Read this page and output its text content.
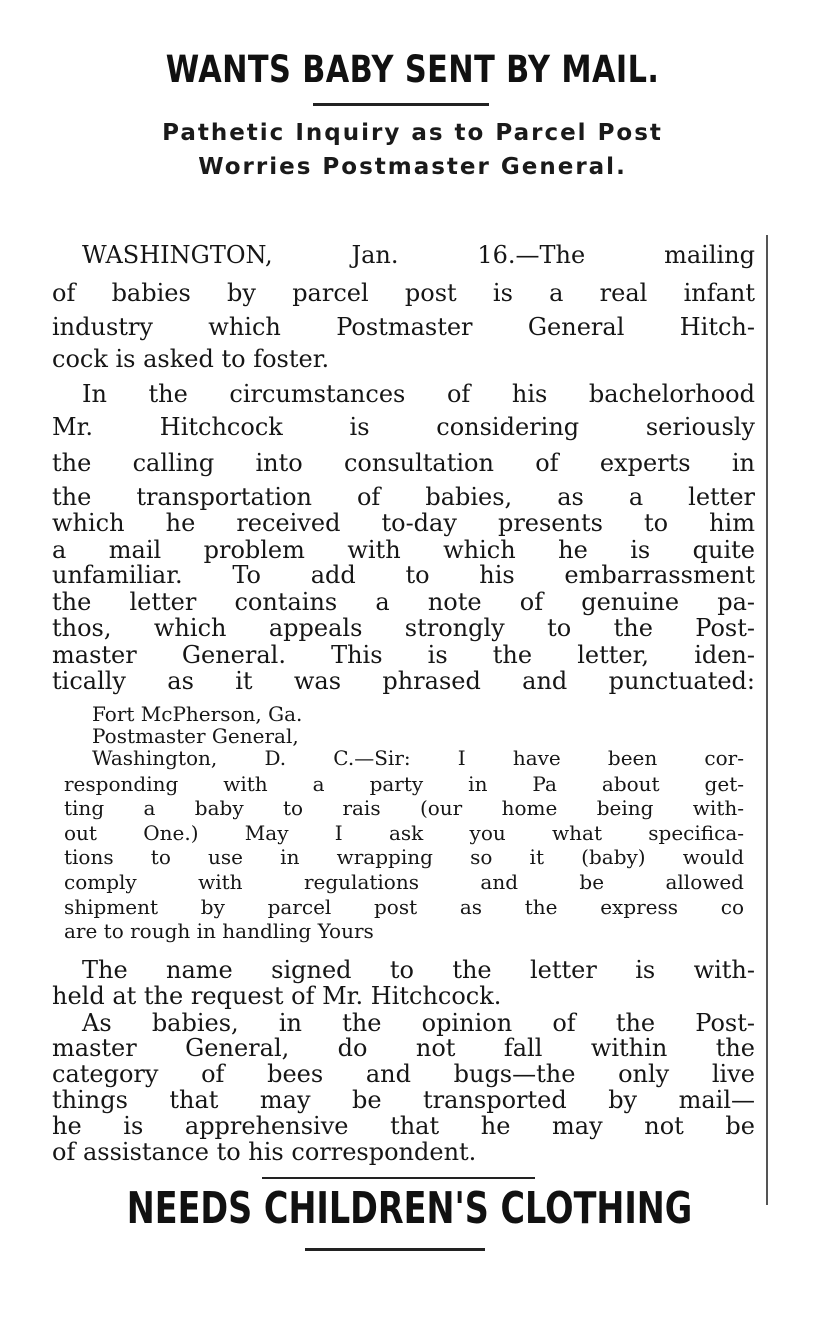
WANTS BABY SENT BY MAIL.
Pathetic Inquiry as to Parcel Post
Worries Postmaster General.
WASHINGTON, Jan. 16.—The mailing
of babies by parcel post is a real infant
industry which Postmaster General Hitch-
cock is asked to foster.
In the circumstances of his bachelorhood
Mr. Hitchcock is considering seriously
the calling into consultation of experts in
the transportation of babies, as a letter
which he received to-day presents to him
a mail problem with which he is quite
unfamiliar. To add to his embarrassment
the letter contains a note of genuine pa-
thos, which appeals strongly to the Post-
master General. This is the letter, iden-
tically as it was phrased and punctuated:
Fort McPherson, Ga.
Postmaster General,
Washington, D. C.—Sir: I have been cor-
responding with a party in Pa about get-
ting a baby to rais (our home being with-
out One.) May I ask you what specifica-
tions to use in wrapping so it (baby) would
comply with regulations and be allowed
shipment by parcel post as the express co
are to rough in handling Yours
The name signed to the letter is with-
held at the request of Mr. Hitchcock.
As babies, in the opinion of the Post-
master General, do not fall within the
category of bees and bugs—the only live
things that may be transported by mail—
he is apprehensive that he may not be
of assistance to his correspondent.
NEEDS CHILDREN'S CLOTHING
